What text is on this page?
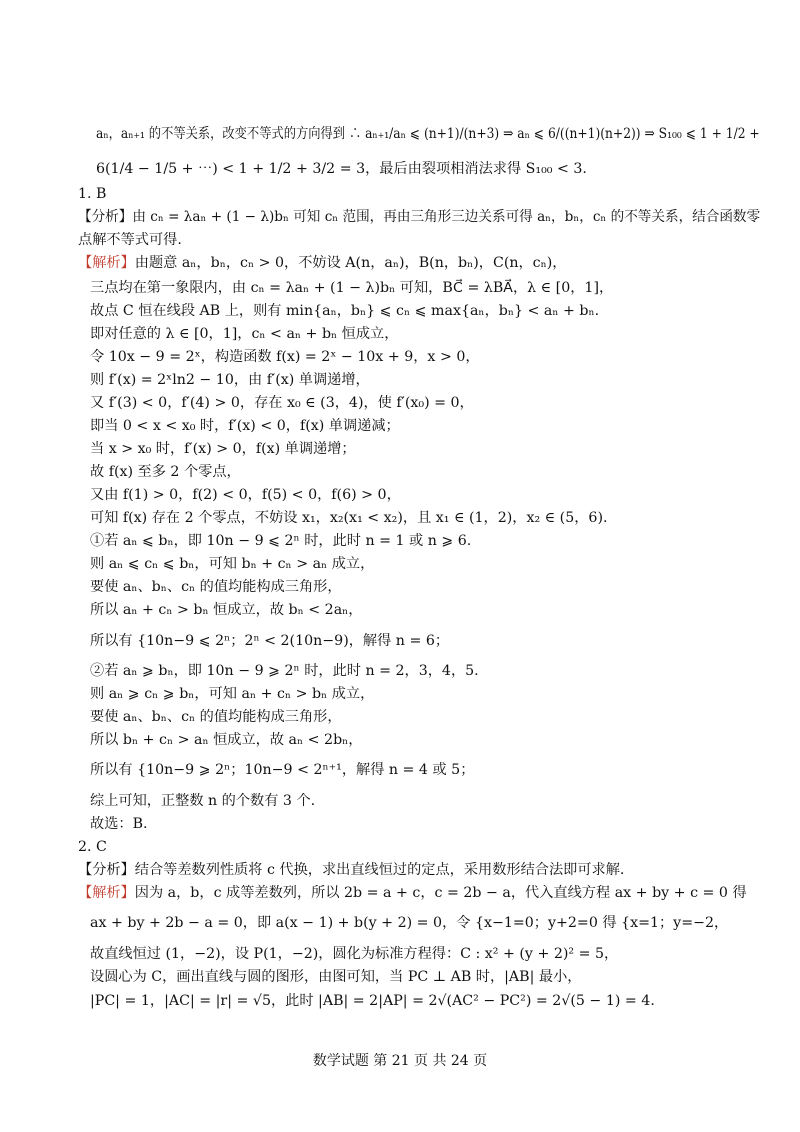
aₙ，aₙ₊₁ 的不等关系，改变不等式的方向得到 ∴ aₙ₊₁/aₙ ⩽ (n+1)/(n+3) ⇒ aₙ ⩽ 6/((n+1)(n+2)) ⇒ S₁₀₀ ⩽ 1 + 1/2 +
6(1/4 − 1/5 + ⋯) < 1 + 1/2 + 3/2 = 3，最后由裂项相消法求得 S₁₀₀ < 3.
1. B
【分析】由 cₙ = λaₙ + (1 − λ)bₙ 可知 cₙ 范围，再由三角形三边关系可得 aₙ，bₙ，cₙ 的不等关系，结合函数零
点解不等式可得.
【解析】由题意 aₙ，bₙ，cₙ > 0，不妨设 A(n，aₙ)，B(n，bₙ)，C(n，cₙ)，
三点均在第一象限内，由 cₙ = λaₙ + (1 − λ)bₙ 可知，BC⃗ = λBA⃗，λ ∈ [0，1]，
故点 C 恒在线段 AB 上，则有 min{aₙ，bₙ} ⩽ cₙ ⩽ max{aₙ，bₙ} < aₙ + bₙ.
即对任意的 λ ∈ [0，1]，cₙ < aₙ + bₙ 恒成立，
令 10x − 9 = 2ˣ，构造函数 f(x) = 2ˣ − 10x + 9，x > 0，
则 f′(x) = 2ˣln2 − 10，由 f′(x) 单调递增，
又 f′(3) < 0，f′(4) > 0，存在 x₀ ∈ (3，4)，使 f′(x₀) = 0，
即当 0 < x < x₀ 时，f′(x) < 0，f(x) 单调递减；
当 x > x₀ 时，f′(x) > 0，f(x) 单调递增；
故 f(x) 至多 2 个零点，
又由 f(1) > 0，f(2) < 0，f(5) < 0，f(6) > 0，
可知 f(x) 存在 2 个零点，不妨设 x₁，x₂(x₁ < x₂)，且 x₁ ∈ (1，2)，x₂ ∈ (5，6).
①若 aₙ ⩽ bₙ，即 10n − 9 ⩽ 2ⁿ 时，此时 n = 1 或 n ⩾ 6.
则 aₙ ⩽ cₙ ⩽ bₙ，可知 bₙ + cₙ > aₙ 成立，
要使 aₙ、bₙ、cₙ 的值均能构成三角形，
所以 aₙ + cₙ > bₙ 恒成立，故 bₙ < 2aₙ，
所以有 {10n−9 ⩽ 2ⁿ；2ⁿ < 2(10n−9)，解得 n = 6；
②若 aₙ ⩾ bₙ，即 10n − 9 ⩾ 2ⁿ 时，此时 n = 2，3，4，5.
则 aₙ ⩾ cₙ ⩾ bₙ，可知 aₙ + cₙ > bₙ 成立，
要使 aₙ、bₙ、cₙ 的值均能构成三角形，
所以 bₙ + cₙ > aₙ 恒成立，故 aₙ < 2bₙ，
所以有 {10n−9 ⩾ 2ⁿ；10n−9 < 2ⁿ⁺¹，解得 n = 4 或 5；
综上可知，正整数 n 的个数有 3 个.
故选：B.
2. C
【分析】结合等差数列性质将 c 代换，求出直线恒过的定点，采用数形结合法即可求解.
【解析】因为 a，b，c 成等差数列，所以 2b = a + c，c = 2b − a，代入直线方程 ax + by + c = 0 得
ax + by + 2b − a = 0，即 a(x − 1) + b(y + 2) = 0，令 {x−1=0；y+2=0 得 {x=1；y=−2，
故直线恒过 (1，−2)，设 P(1，−2)，圆化为标准方程得：C : x² + (y + 2)² = 5，
设圆心为 C，画出直线与圆的图形，由图可知，当 PC ⊥ AB 时，|AB| 最小，
|PC| = 1，|AC| = |r| = √5，此时 |AB| = 2|AP| = 2√(AC² − PC²) = 2√(5 − 1) = 4.
数学试题 第 21 页 共 24 页
